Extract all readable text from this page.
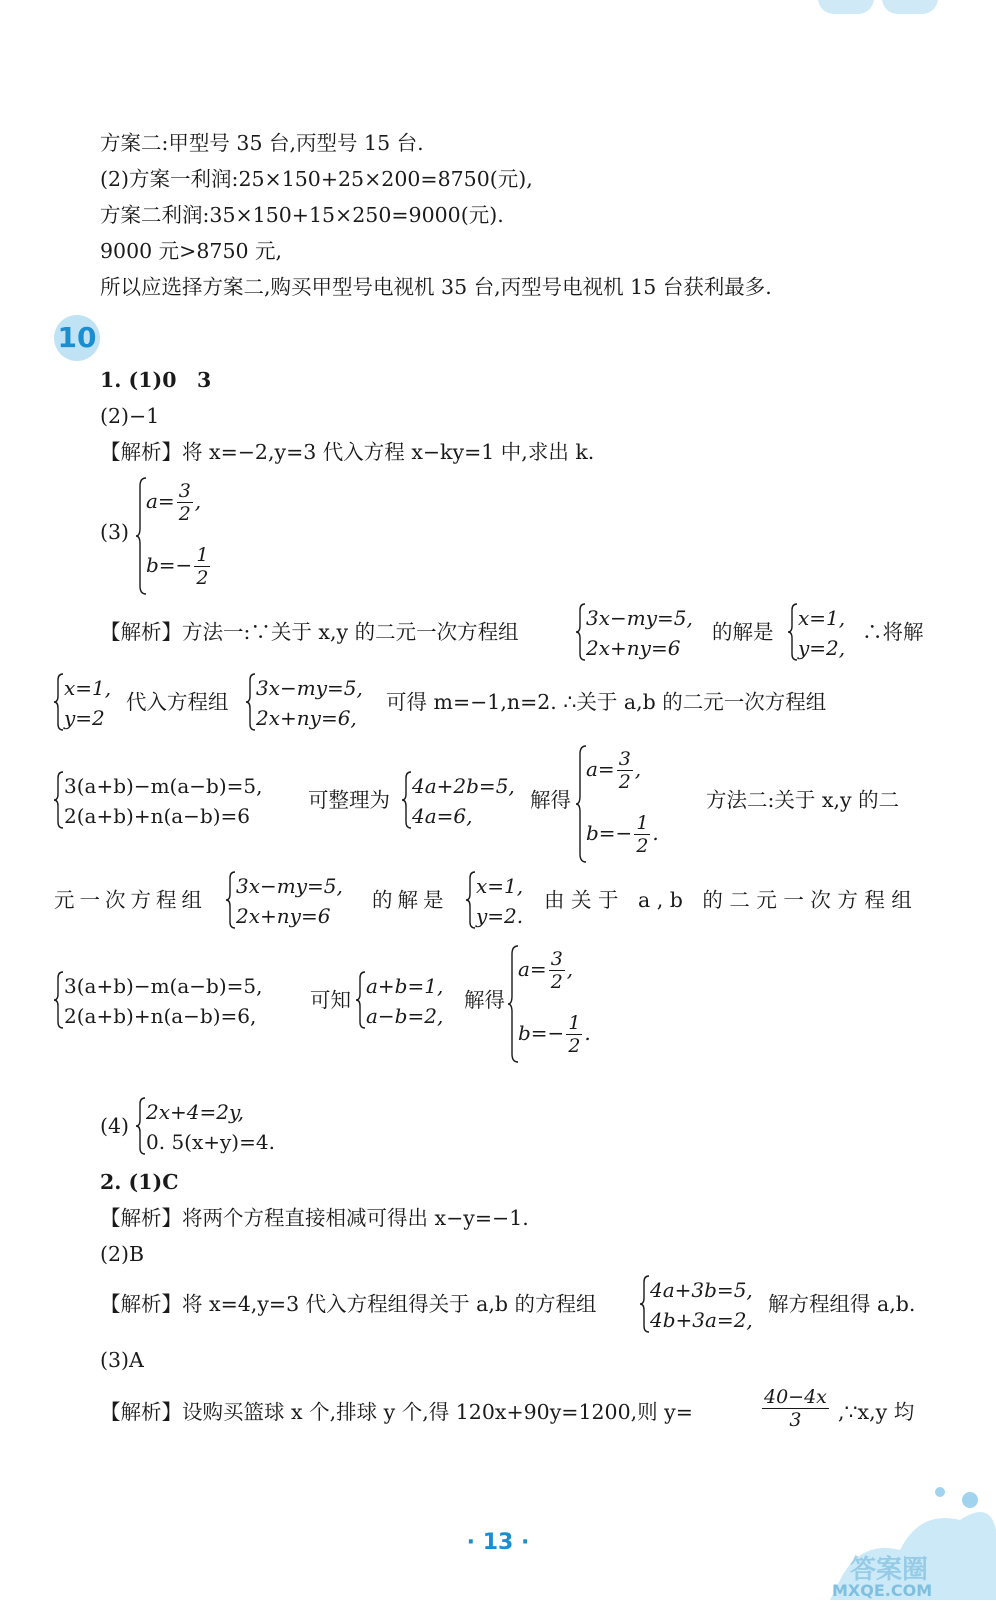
方案二:甲型号 35 台,丙型号 15 台.
(2)方案一利润:25×150+25×200=8750(元),
方案二利润:35×150+15×250=9000(元).
9000 元>8750 元,
所以应选择方案二,购买甲型号电视机 35 台,丙型号电视机 15 台获利最多.
10
1. (1)0　3
(2)−1
【解析】将 x=−2,y=3 代入方程 x−ky=1 中,求出 k.
(3)
$a= \frac{3}{2}$ ,
$b=- \frac{1}{2}$
【解析】方法一:∵关于 x,y 的二元一次方程组
3x−my=5,
2x+ny=6
的解是
x=1,
y=2,
∴将解
x=1,
y=2
代入方程组
3x−my=5,
2x+ny=6,
可得 m=−1,n=2. ∴关于 a,b 的二元一次方程组
3(a+b)−m(a−b)=5,
2(a+b)+n(a−b)=6
可整理为
4a+2b=5,
4a=6,
解得
$a= \frac{3}{2}$ ,
$b=- \frac{1}{2}$ .
方法二:关于 x,y 的二
元一次方程组
3x−my=5,
2x+ny=6
的解是
x=1,
y=2.
由关于 a,b 的二元一次方程组
3(a+b)−m(a−b)=5,
2(a+b)+n(a−b)=6,
可知
a+b=1,
a−b=2,
解得
$a= \frac{3}{2}$ ,
$b=- \frac{1}{2}$ .
(4)
2x+4=2y,
0. 5(x+y)=4.
2. (1)C
【解析】将两个方程直接相减可得出 x−y=−1.
(2)B
【解析】将 x=4,y=3 代入方程组得关于 a,b 的方程组
4a+3b=5,
4b+3a=2,
解方程组得 a,b.
(3)A
【解析】设购买篮球 x 个,排球 y 个,得 120x+90y=1200,则 y=	$\frac{40-4x}{3}$ ,∵x,y 均
· 13 ·
答案圈
MXQE.COM
